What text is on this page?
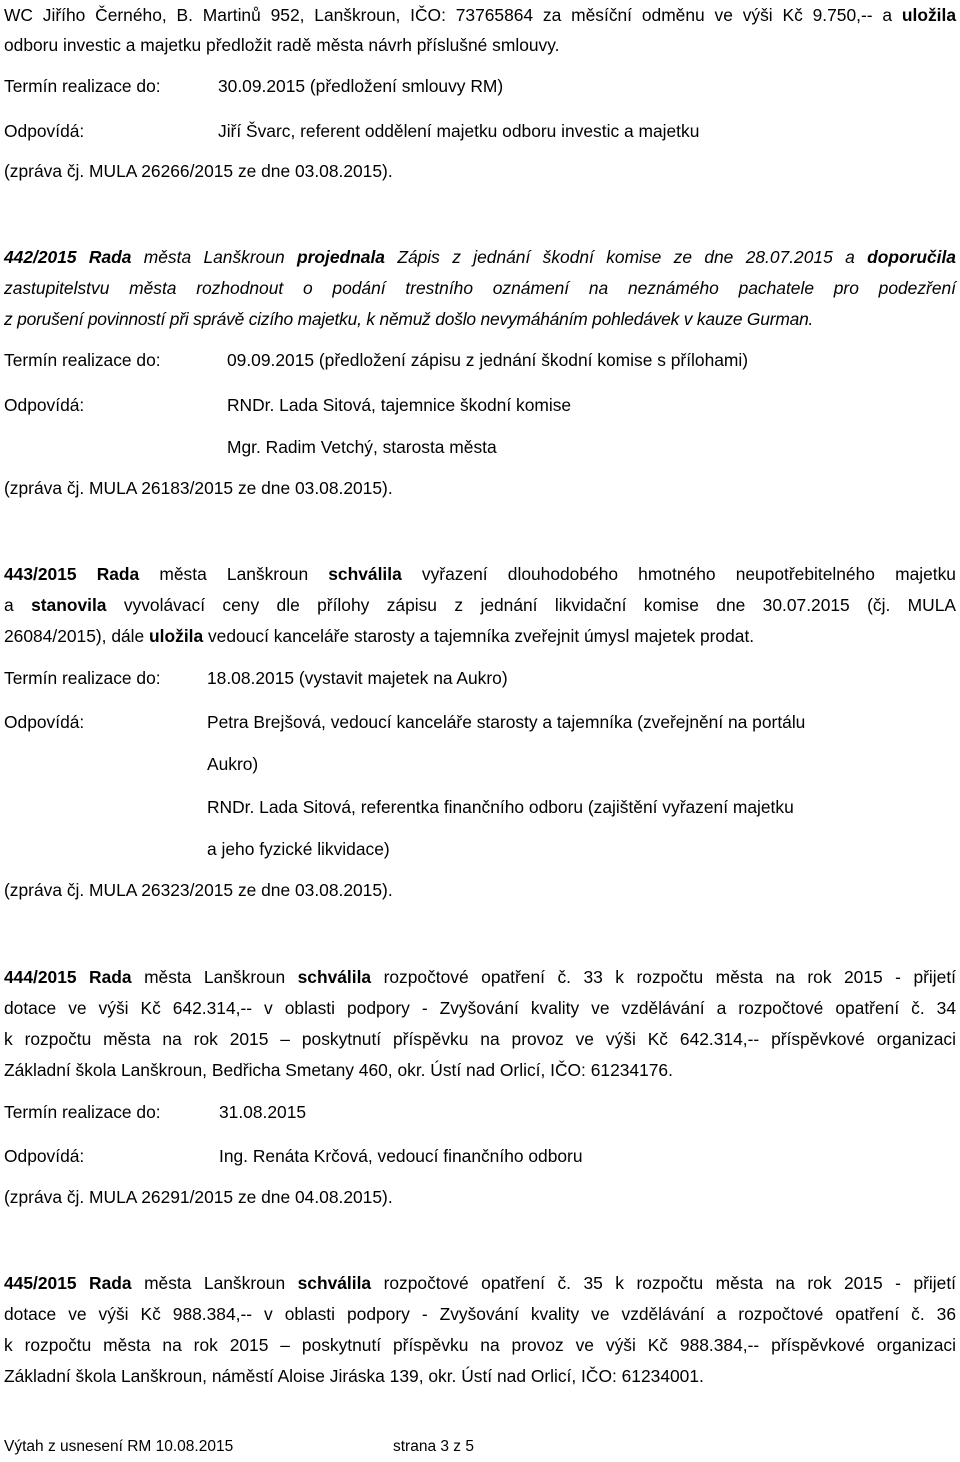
WC Jiřího Černého, B. Martinů 952, Lanškroun, IČO: 73765864 za měsíční odměnu ve výši Kč 9.750,-- a uložila
odboru investic a majetku předložit radě města návrh příslušné smlouvy.
Termín realizace do:	30.09.2015 (předložení smlouvy RM)
Odpovídá:	Jiří Švarc, referent oddělení majetku odboru investic a majetku
(zpráva čj. MULA 26266/2015 ze dne 03.08.2015).
442/2015 Rada města Lanškroun projednala Zápis z jednání škodní komise ze dne 28.07.2015 a doporučila
zastupitelstvu města rozhodnout o podání trestního oznámení na neznámého pachatele pro podezření
z porušení povinností při správě cizího majetku, k němuž došlo nevymáháním pohledávek v kauze Gurman.
Termín realizace do:	09.09.2015 (předložení zápisu z jednání škodní komise s přílohami)
Odpovídá:	RNDr. Lada Sitová, tajemnice škodní komise
Mgr. Radim Vetchý, starosta města
(zpráva čj. MULA 26183/2015 ze dne 03.08.2015).
443/2015 Rada města Lanškroun schválila vyřazení dlouhodobého hmotného neupotřebitelného majetku
a stanovila vyvolávací ceny dle přílohy zápisu z jednání likvidační komise dne 30.07.2015 (čj. MULA
26084/2015), dále uložila vedoucí kanceláře starosty a tajemníka zveřejnit úmysl majetek prodat.
Termín realizace do:	18.08.2015 (vystavit majetek na Aukro)
Odpovídá:	Petra Brejšová, vedoucí kanceláře starosty a tajemníka (zveřejnění na portálu
Aukro)
RNDr. Lada Sitová, referentka finančního odboru (zajištění vyřazení majetku
a jeho fyzické likvidace)
(zpráva čj. MULA 26323/2015 ze dne 03.08.2015).
444/2015 Rada města Lanškroun schválila rozpočtové opatření č. 33 k rozpočtu města na rok 2015 - přijetí
dotace ve výši Kč 642.314,-- v oblasti podpory - Zvyšování kvality ve vzdělávání a rozpočtové opatření č. 34
k rozpočtu města na rok 2015 – poskytnutí příspěvku na provoz ve výši Kč 642.314,-- příspěvkové organizaci
Základní škola Lanškroun, Bedřicha Smetany 460, okr. Ústí nad Orlicí, IČO: 61234176.
Termín realizace do:	31.08.2015
Odpovídá:	Ing. Renáta Krčová, vedoucí finančního odboru
(zpráva čj. MULA 26291/2015 ze dne 04.08.2015).
445/2015 Rada města Lanškroun schválila rozpočtové opatření č. 35 k rozpočtu města na rok 2015 - přijetí
dotace ve výši Kč 988.384,-- v oblasti podpory - Zvyšování kvality ve vzdělávání a rozpočtové opatření č. 36
k rozpočtu města na rok 2015 – poskytnutí příspěvku na provoz ve výši Kč 988.384,-- příspěvkové organizaci
Základní škola Lanškroun, náměstí Aloise Jiráska 139, okr. Ústí nad Orlicí, IČO: 61234001.
Výtah z usnesení RM 10.08.2015	strana 3 z 5
